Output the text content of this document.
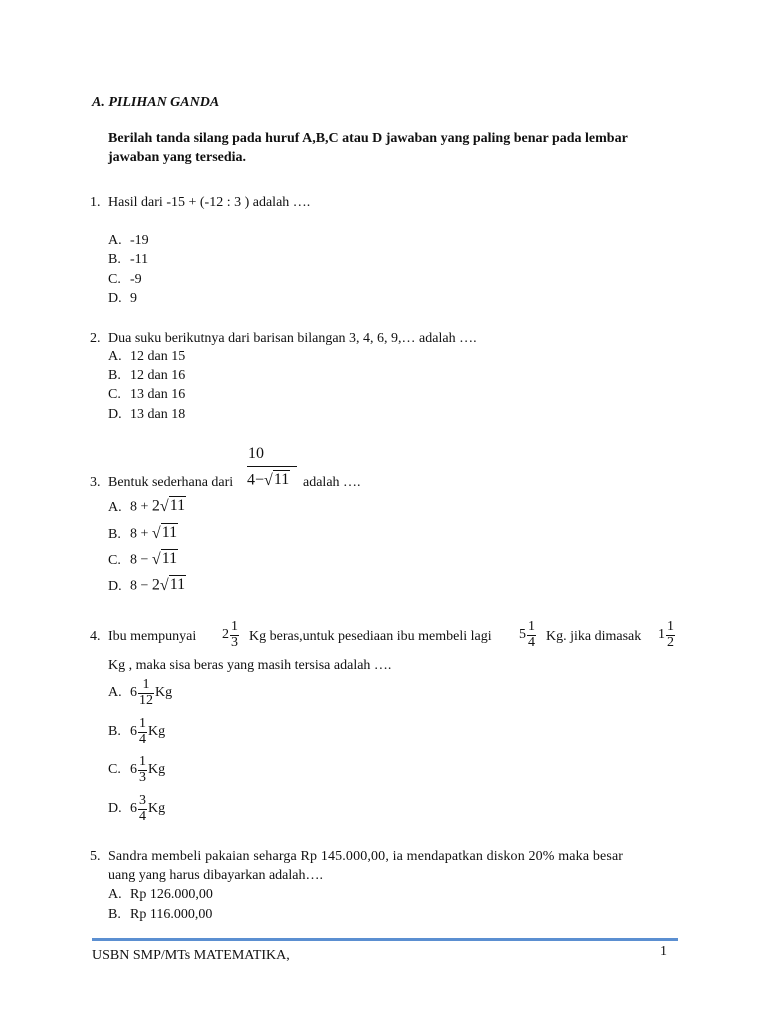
A. PILIHAN GANDA
Berilah tanda silang pada huruf A,B,C atau D jawaban yang paling benar pada lembar
jawaban yang tersedia.
1. Hasil dari -15 + (-12 : 3 ) adalah ….
A. -19
B. -11
C. -9
D. 9
2. Dua suku berikutnya dari barisan bilangan 3, 4, 6, 9,… adalah ….
A. 12 dan 15
B. 12 dan 16
C. 13 dan 16
D. 13 dan 18
3. Bentuk sederhana dari
10
4− √ 11 adalah ….
A. 8 + 2 √ 11
B. 8 + √ 11
C. 8 − √ 11
D. 8 − 2 √ 11
4. Ibu mempunyai $2 \frac{1}{3}$ Kg beras,untuk pesediaan ibu membeli lagi $5 \frac{1}{4} Kg$. jika dimasak $1 \frac{1}{2}$
Kg , maka sisa beras yang masih tersisa adalah ….
A. $6 \frac{1}{12}$ Kg
B. $6 \frac{1}{4}$ Kg
C. $6 \frac{1}{3}$ Kg
D. $6 \frac{3}{4}$ Kg
5. Sandra membeli pakaian seharga Rp 145.000,00, ia mendapatkan diskon 20% maka besar
uang yang harus dibayarkan adalah….
A. Rp 126.000,00
B. Rp 116.000,00
USBN SMP/MTs MATEMATIKA,	1
